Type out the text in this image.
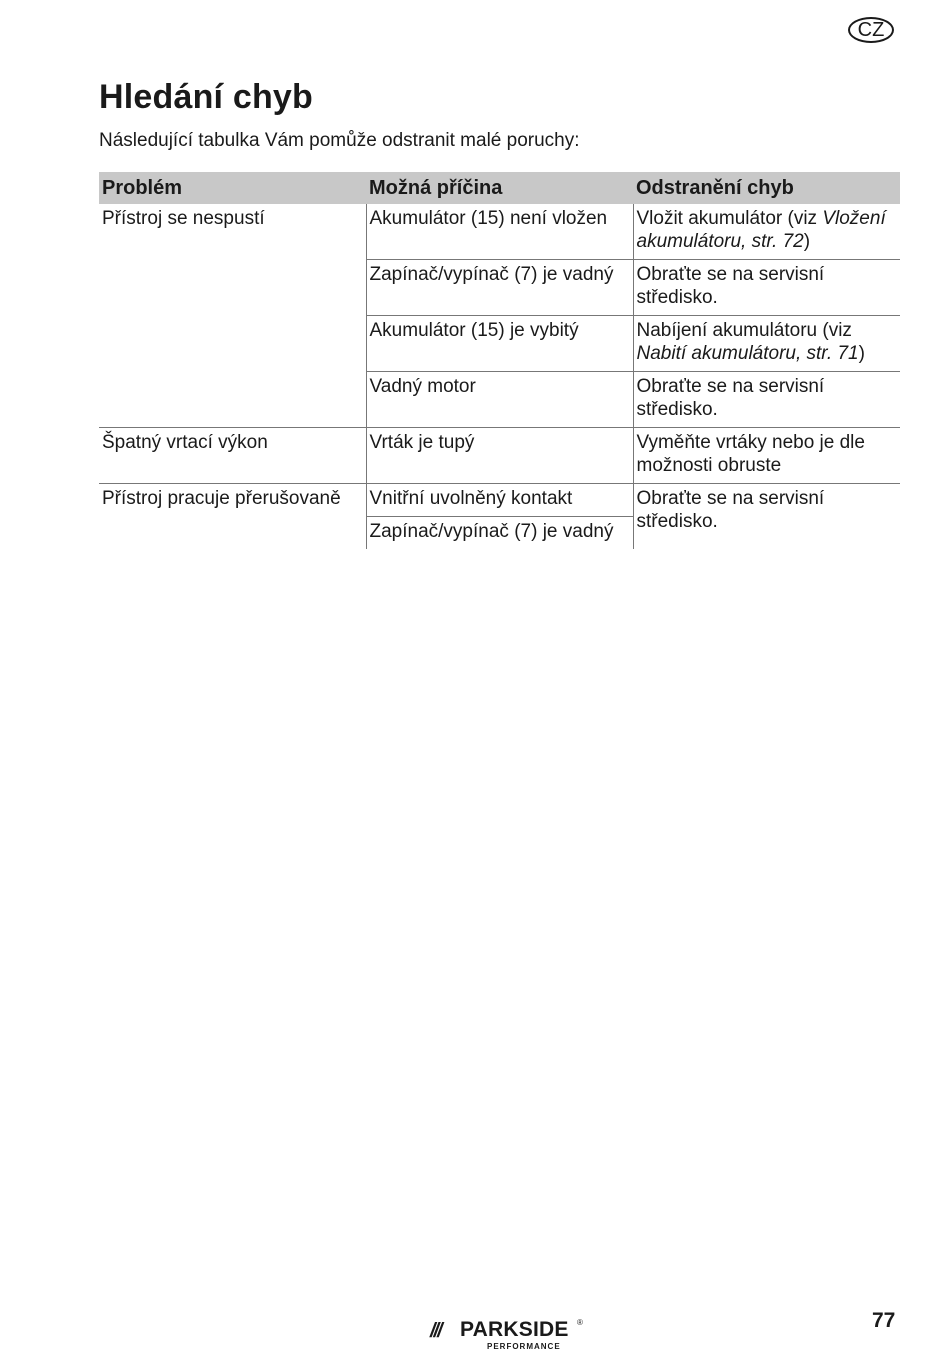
CZ
Hledání chyb

Následující tabulka Vám pomůže odstranit malé poruchy:

Problém	Možná příčina	Odstranění chyb
Přístroj se nespustí	Akumulátor (15) není vložen	Vložit akumulátor (viz Vložení akumulátoru, str. 72)
	Zapínač/vypínač (7) je vadný	Obraťte se na servisní středisko.
	Akumulátor (15) je vybitý	Nabíjení akumulátoru (viz Nabití akumulátoru, str. 71)
	Vadný motor	Obraťte se na servisní středisko.
Špatný vrtací výkon	Vrták je tupý	Vyměňte vrtáky nebo je dle možnosti obruste
Přístroj pracuje přerušovaně	Vnitřní uvolněný kontakt	Obraťte se na servisní středisko.
	Zapínač/vypínač (7) je vadný	
/// PARKSIDE ®
PERFORMANCE
77
